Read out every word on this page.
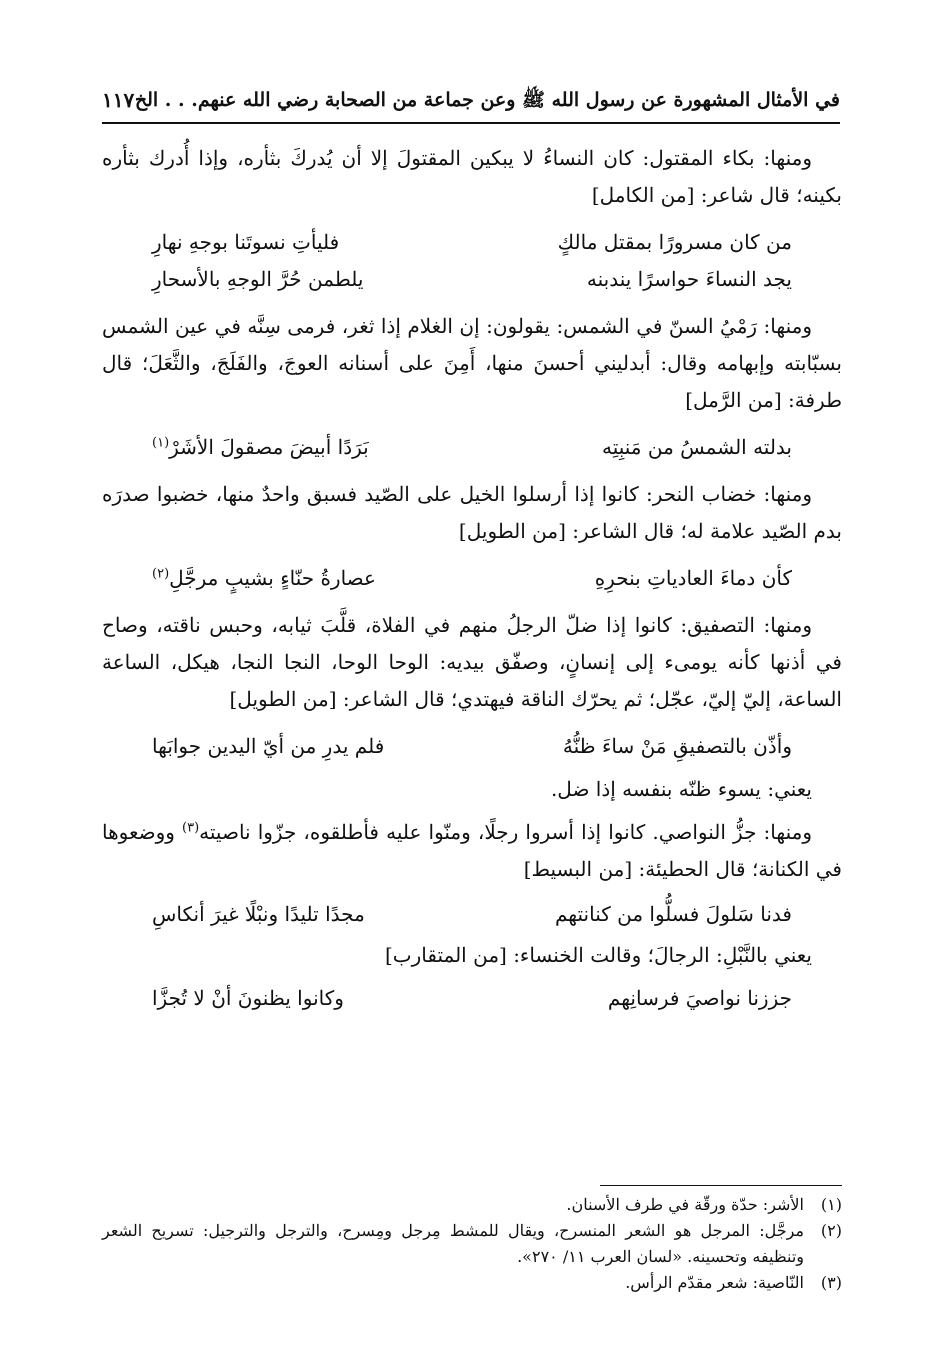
في الأمثال المشهورة عن رسول الله ﷺ وعن جماعة من الصحابة رضي الله عنهم. . . الخ
١١٧

ومنها: بكاء المقتول: كان النساءُ لا يبكين المقتولَ إلا أن يُدركَ بثأره، وإذا أُدرك بثأره بكينه؛ قال شاعر: [من الكامل]

من كان مسرورًا بمقتل مالكٍ
فليأتِ نسوتَنا بوجهِ نهارِ
يجد النساءَ حواسرًا يندبنه
يلطمن حُرَّ الوجهِ بالأسحارِ

ومنها: رَمْيُ السنّ في الشمس: يقولون: إن الغلام إذا ثغر، فرمى سِنَّه في عين الشمس بسبّابته وإبهامه وقال: أبدليني أحسنَ منها، أَمِنَ على أسنانه العوجَ، والفَلَجَ، والثَّعَلَ؛ قال طرفة: [من الرَّمل]

بدلته الشمسُ من مَنبِتِه
بَرَدًا أبيضَ مصقولَ الأشَرْ$^{(١)}$

ومنها: خضاب النحر: كانوا إذا أرسلوا الخيل على الصّيد فسبق واحدٌ منها، خضبوا صدرَه بدم الصّيد علامة له؛ قال الشاعر: [من الطويل]

كأن دماءَ العادياتِ بنحرِهِ
عصارةُ حنّاءٍ بشيبٍ مرجَّلِ$^{(٢)}$

ومنها: التصفيق: كانوا إذا ضلّ الرجلُ منهم في الفلاة، قلَّبَ ثيابه، وحبس ناقته، وصاح في أذنها كأنه يومىء إلى إنسانٍ، وصفّق بيديه: الوحا الوحا، النجا النجا، هيكل، الساعة الساعة، إليّ إليّ، عجّل؛ ثم يحرّك الناقة فيهتدي؛ قال الشاعر: [من الطويل]

وأذّن بالتصفيقِ مَنْ ساءَ ظنُّهُ
فلم يدرِ من أيّ اليدين جوابَها

يعني: يسوء ظنّه بنفسه إذا ضل.

ومنها: جزُّ النواصي. كانوا إذا أسروا رجلًا، ومنّوا عليه فأطلقوه، جزّوا ناصيته$^{(٣)}$ ووضعوها في الكنانة؛ قال الحطيئة: [من البسيط]

فدنا سَلولَ فسلُّوا من كنانتهم
مجدًا تليدًا ونبْلًا غيرَ أنكاسِ

يعني بالنَّبْلِ: الرجالَ؛ وقالت الخنساء: [من المتقارب]

جززنا نواصيَ فرسانِهم
وكانوا يظنونَ أنْ لا تُجزَّا

(١)
الأشر: حدّة ورقّة في طرف الأسنان.

(٢)
مرجَّل: المرجل هو الشعر المنسرح، ويقال للمشط مِرجل ومِسرح، والترجل والترجيل: تسريح الشعر وتنظيفه وتحسينه. «لسان العرب ١١/ ٢٧٠».

(٣)
النّاصية: شعر مقدّم الرأس.
